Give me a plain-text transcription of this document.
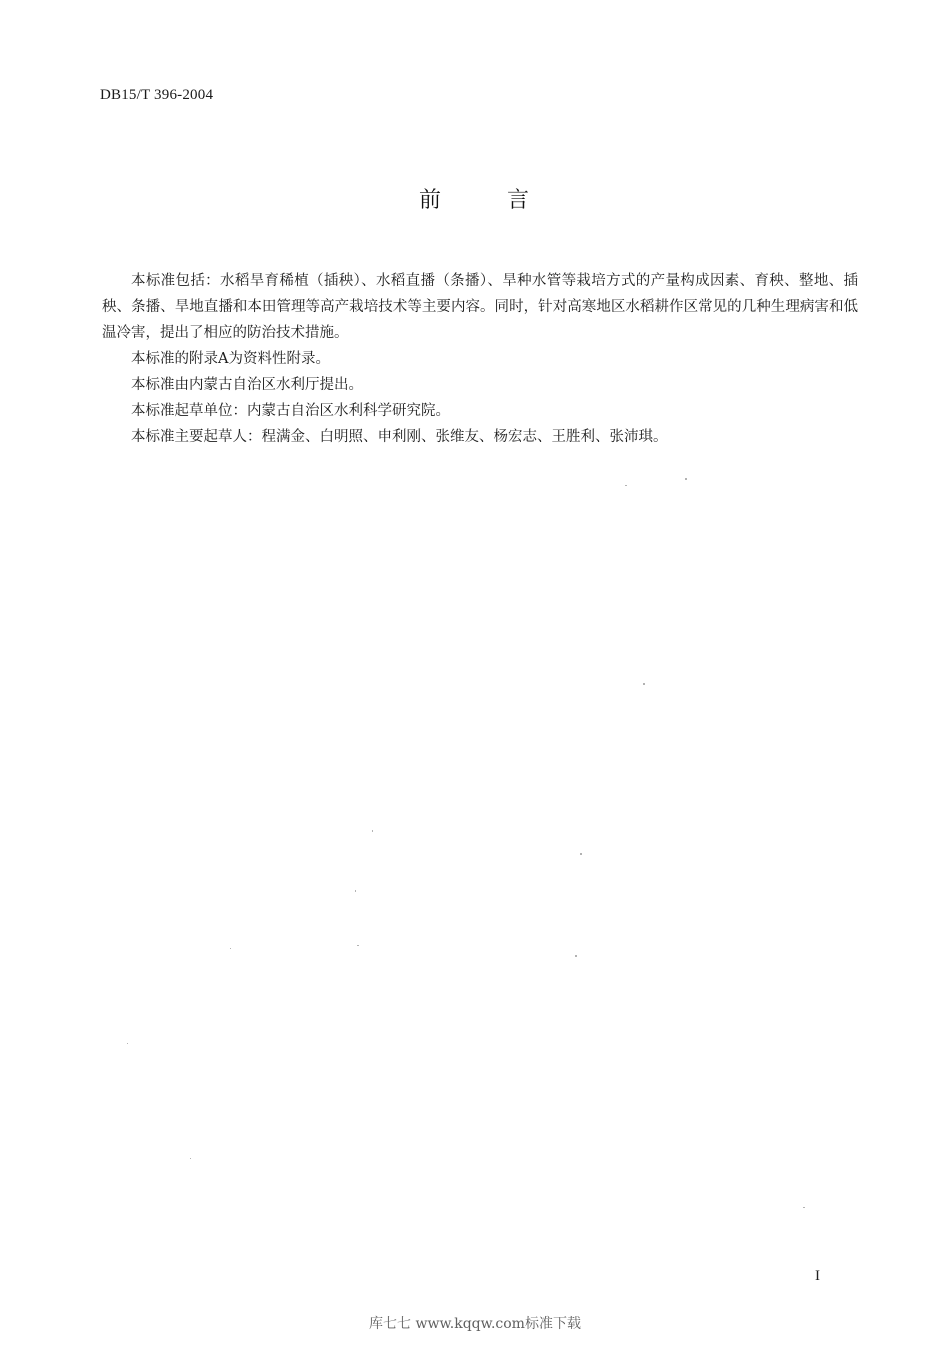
DB15/T 396-2004
前	言

本标准包括：水稻旱育稀植（插秧）、水稻直播（条播）、旱种水管等栽培方式的产量构成因素、育秧、整地、插秧、条播、旱地直播和本田管理等高产栽培技术等主要内容。同时，针对高寒地区水稻耕作区常见的几种生理病害和低温冷害，提出了相应的防治技术措施。

本标准的附录A为资料性附录。

本标准由内蒙古自治区水利厅提出。

本标准起草单位：内蒙古自治区水利科学研究院。

本标准主要起草人：程满金、白明照、申利刚、张维友、杨宏志、王胜利、张沛琪。

I
库七七 www.kqqw.com标准下载
